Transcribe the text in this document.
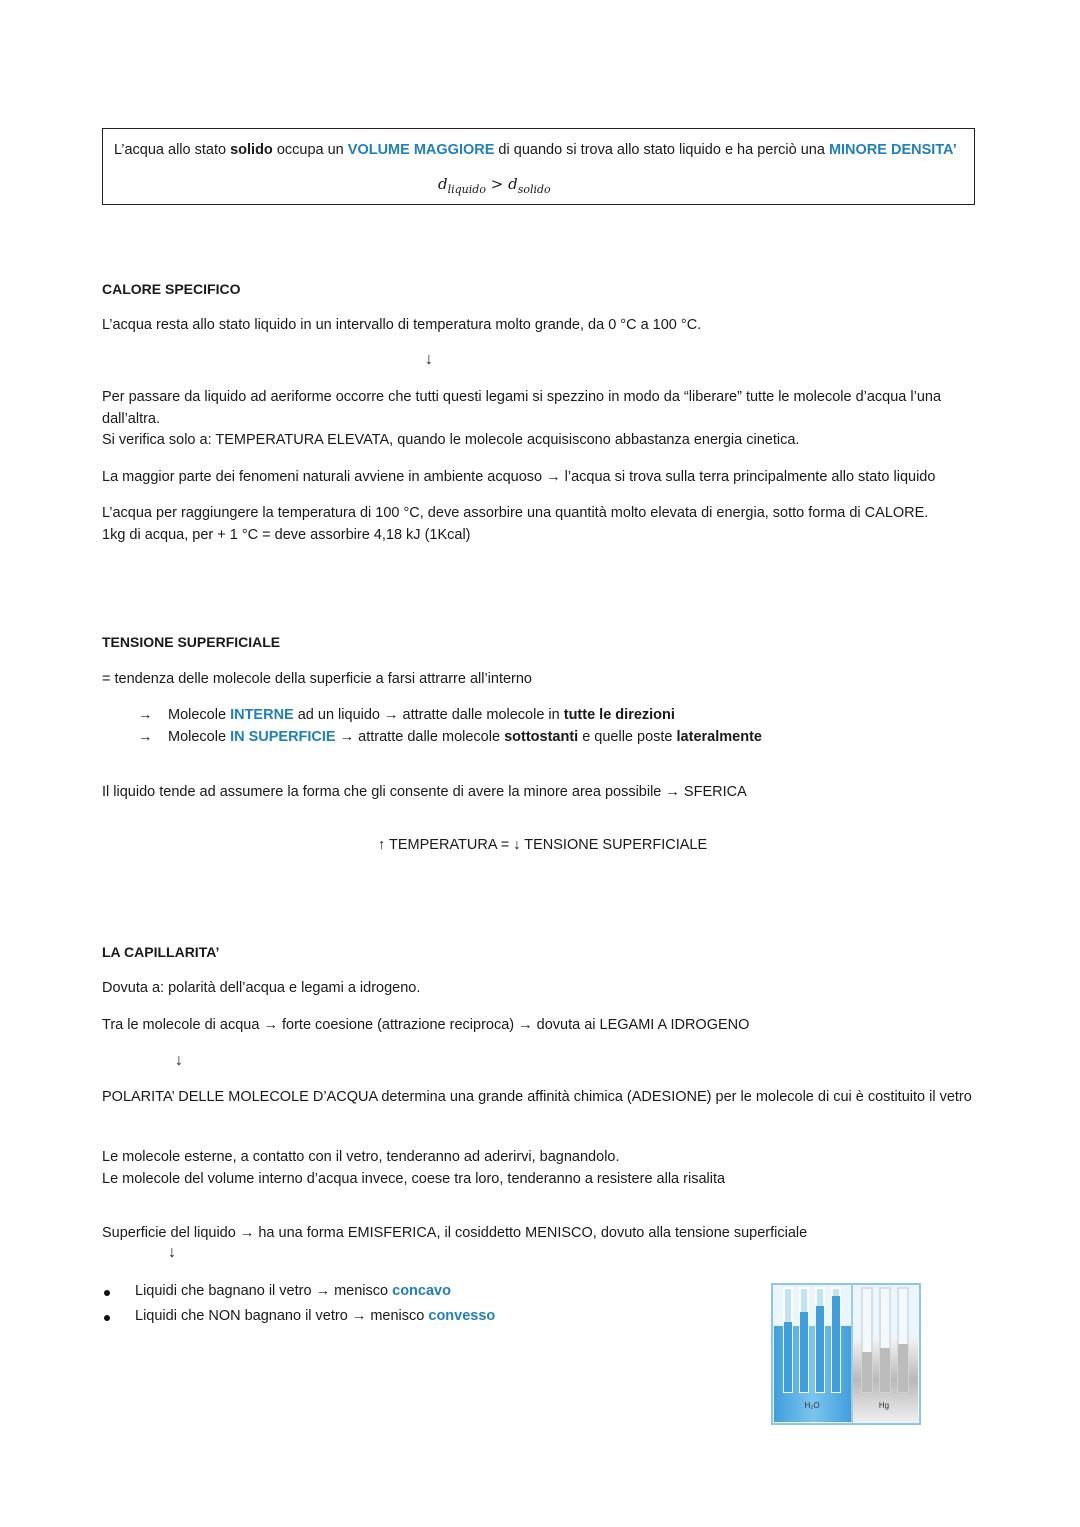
L’acqua allo stato solido occupa un VOLUME MAGGIORE di quando si trova allo stato liquido e ha perciò una MINORE DENSITA’
$d_{liquido} > d_{solido}$
CALORE SPECIFICO
L’acqua resta allo stato liquido in un intervallo di temperatura molto grande, da 0 °C a 100 °C.
↓
Per passare da liquido ad aeriforme occorre che tutti questi legami si spezzino in modo da “liberare” tutte le molecole d’acqua l’una
dall’altra.
Si verifica solo a: TEMPERATURA ELEVATA, quando le molecole acquisiscono abbastanza energia cinetica.
La maggior parte dei fenomeni naturali avviene in ambiente acquoso → l’acqua si trova sulla terra principalmente allo stato liquido
L’acqua per raggiungere la temperatura di 100 °C, deve assorbire una quantità molto elevata di energia, sotto forma di CALORE.
1kg di acqua, per + 1 °C = deve assorbire 4,18 kJ (1Kcal)
TENSIONE SUPERFICIALE
= tendenza delle molecole della superficie a farsi attrarre all’interno
→ Molecole INTERNE ad un liquido → attratte dalle molecole in tutte le direzioni
→ Molecole IN SUPERFICIE → attratte dalle molecole sottostanti e quelle poste lateralmente
Il liquido tende ad assumere la forma che gli consente di avere la minore area possibile → SFERICA
↑ TEMPERATURA = ↓ TENSIONE SUPERFICIALE
LA CAPILLARITA’
Dovuta a: polarità dell’acqua e legami a idrogeno.
Tra le molecole di acqua → forte coesione (attrazione reciproca) → dovuta ai LEGAMI A IDROGENO
↓
POLARITA’ DELLE MOLECOLE D’ACQUA determina una grande affinità chimica (ADESIONE) per le molecole di cui è costituito il vetro
Le molecole esterne, a contatto con il vetro, tenderanno ad aderirvi, bagnandolo.
Le molecole del volume interno d’acqua invece, coese tra loro, tenderanno a resistere alla risalita
Superficie del liquido → ha una forma EMISFERICA, il cosiddetto MENISCO, dovuto alla tensione superficiale
↓
Liquidi che bagnano il vetro → menisco concavo
Liquidi che NON bagnano il vetro → menisco convesso
H₂O	Hg
